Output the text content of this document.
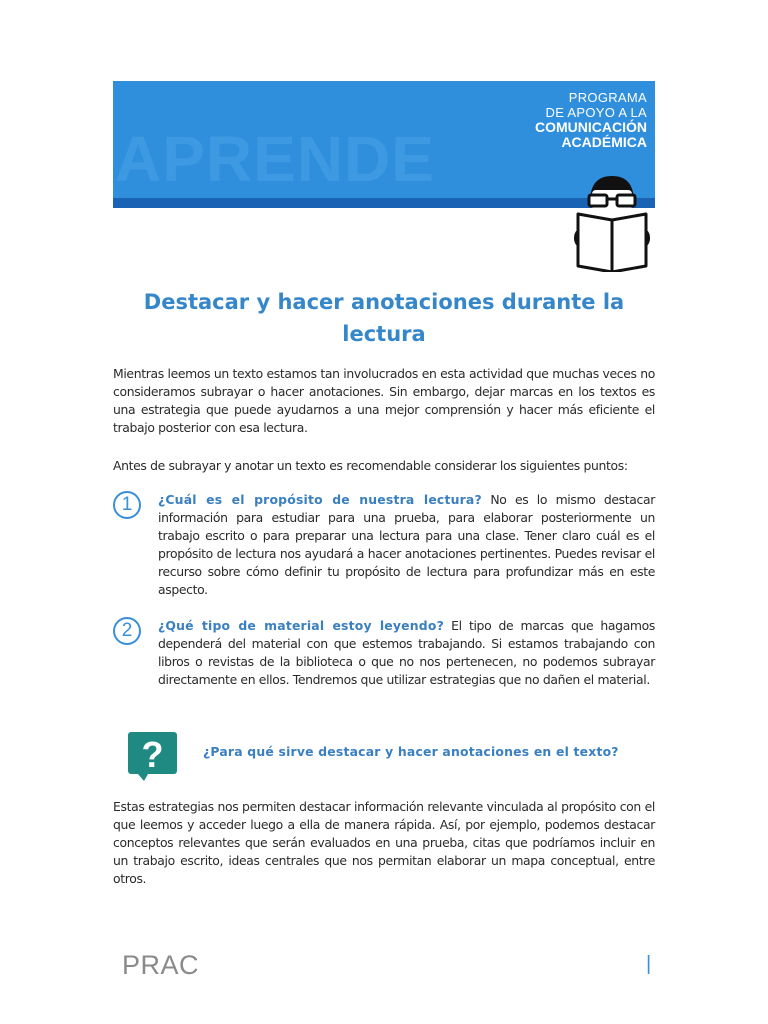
APRENDE
PROGRAMA
DE APOYO A LA
COMUNICACIÓN
ACADÉMICA
Destacar y hacer anotaciones durante la lectura

Mientras leemos un texto estamos tan involucrados en esta actividad que muchas veces no consideramos subrayar o hacer anotaciones. Sin embargo, dejar marcas en los textos es una estrategia que puede ayudarnos a una mejor comprensión y hacer más eficiente el trabajo posterior con esa lectura.

Antes de subrayar y anotar un texto es recomendable considerar los siguientes puntos:

1	¿Cuál es el propósito de nuestra lectura? No es lo mismo destacar información para estudiar para una prueba, para elaborar posteriormente un trabajo escrito o para preparar una lectura para una clase. Tener claro cuál es el propósito de lectura nos ayudará a hacer anotaciones pertinentes. Puedes revisar el recurso sobre cómo definir tu propósito de lectura para profundizar más en este aspecto.

2	¿Qué tipo de material estoy leyendo? El tipo de marcas que hagamos dependerá del material con que estemos trabajando. Si estamos trabajando con libros o revistas de la biblioteca o que no nos pertenecen, no podemos subrayar directamente en ellos. Tendremos que utilizar estrategias que no dañen el material.

?	¿Para qué sirve destacar y hacer anotaciones en el texto?

Estas estrategias nos permiten destacar información relevante vinculada al propósito con el que leemos y acceder luego a ella de manera rápida. Así, por ejemplo, podemos destacar conceptos relevantes que serán evaluados en una prueba, citas que podríamos incluir en un trabajo escrito, ideas centrales que nos permitan elaborar un mapa conceptual, entre otros.

PRAC	|
